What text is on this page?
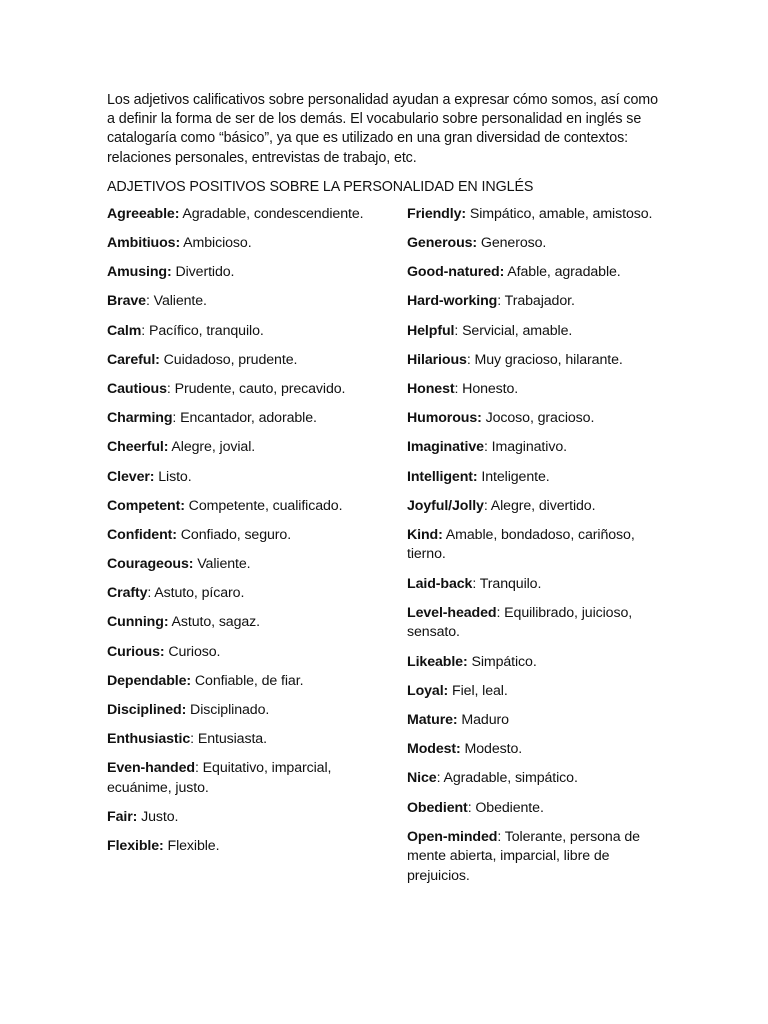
Los adjetivos calificativos sobre personalidad ayudan a expresar cómo somos, así como a definir la forma de ser de los demás. El vocabulario sobre personalidad en inglés se catalogaría como “básico”, ya que es utilizado en una gran diversidad de contextos: relaciones personales, entrevistas de trabajo, etc.

ADJETIVOS POSITIVOS SOBRE LA PERSONALIDAD EN INGLÉS

Agreeable: Agradable, condescendiente.

Ambitiuos: Ambicioso.

Amusing: Divertido.

Brave: Valiente.

Calm: Pacífico, tranquilo.

Careful: Cuidadoso, prudente.

Cautious: Prudente, cauto, precavido.

Charming: Encantador, adorable.

Cheerful: Alegre, jovial.

Clever: Listo.

Competent: Competente, cualificado.

Confident: Confiado, seguro.

Courageous: Valiente.

Crafty: Astuto, pícaro.

Cunning: Astuto, sagaz.

Curious: Curioso.

Dependable: Confiable, de fiar.

Disciplined: Disciplinado.

Enthusiastic: Entusiasta.

Even-handed: Equitativo, imparcial, ecuánime, justo.

Fair: Justo.

Flexible: Flexible.

Friendly: Simpático, amable, amistoso.

Generous: Generoso.

Good-natured: Afable, agradable.

Hard-working: Trabajador.

Helpful: Servicial, amable.

Hilarious: Muy gracioso, hilarante.

Honest: Honesto.

Humorous: Jocoso, gracioso.

Imaginative: Imaginativo.

Intelligent: Inteligente.

Joyful/Jolly: Alegre, divertido.

Kind: Amable, bondadoso, cariñoso, tierno.

Laid-back: Tranquilo.

Level-headed: Equilibrado, juicioso, sensato.

Likeable: Simpático.

Loyal: Fiel, leal.

Mature: Maduro

Modest: Modesto.

Nice: Agradable, simpático.

Obedient: Obediente.

Open-minded: Tolerante, persona de mente abierta, imparcial, libre de prejuicios.
